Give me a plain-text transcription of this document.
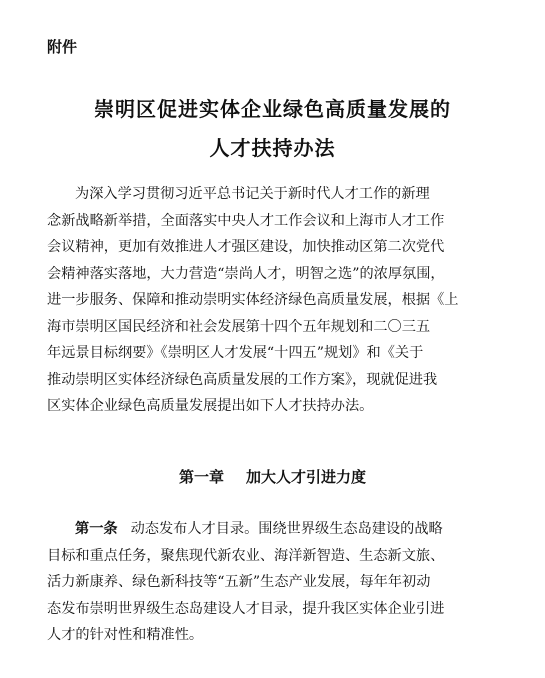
附件
崇明区促进实体企业绿色高质量发展的
人才扶持办法
为深入学习贯彻习近平总书记关于新时代人才工作的新理
念新战略新举措，全面落实中央人才工作会议和上海市人才工作
会议精神，更加有效推进人才强区建设，加快推动区第二次党代
会精神落实落地，大力营造“崇尚人才，明智之选”的浓厚氛围，
进一步服务、保障和推动崇明实体经济绿色高质量发展，根据《上
海市崇明区国民经济和社会发展第十四个五年规划和二〇三五
年远景目标纲要》《崇明区人才发展“十四五”规划》和《关于
推动崇明区实体经济绿色高质量发展的工作方案》，现就促进我
区实体企业绿色高质量发展提出如下人才扶持办法。
第一章 加大人才引进力度
第一条 动态发布人才目录。围绕世界级生态岛建设的战略
目标和重点任务，聚焦现代新农业、海洋新智造、生态新文旅、
活力新康养、绿色新科技等“五新”生态产业发展，每年年初动
态发布崇明世界级生态岛建设人才目录，提升我区实体企业引进
人才的针对性和精准性。
